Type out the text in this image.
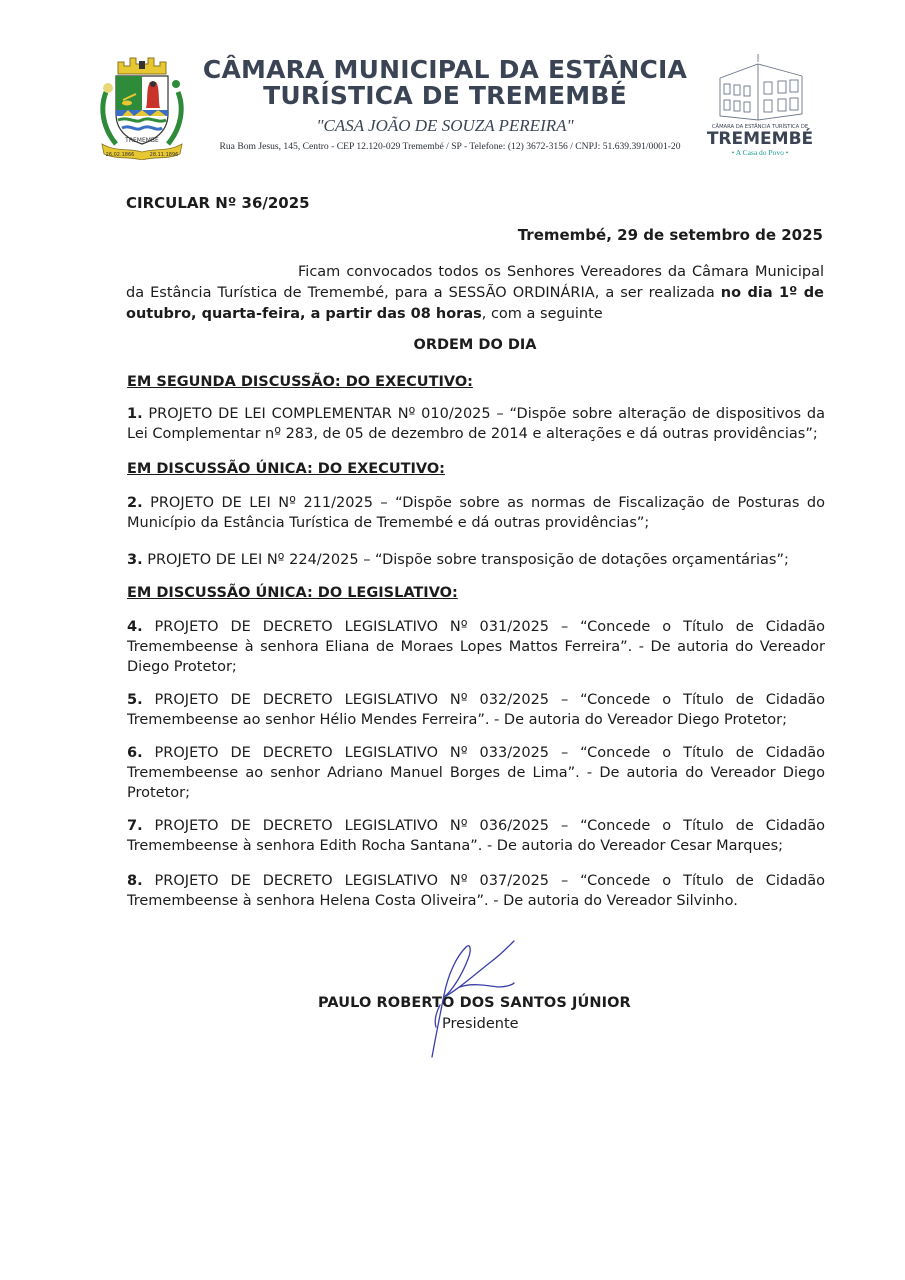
TREMEMBÉ
26.02.1866	28.11.1896
CÂMARA MUNICIPAL DA ESTÂNCIA
TURÍSTICA DE TREMEMBÉ
"CASA JOÃO DE SOUZA PEREIRA"
Rua Bom Jesus, 145, Centro - CEP 12.120-029 Tremembé / SP - Telefone: (12) 3672-3156 / CNPJ: 51.639.391/0001-20
CÂMARA DA ESTÂNCIA TURÍSTICA DE
TREMEMBÉ
• A Casa do Povo •
CIRCULAR Nº 36/2025
Tremembé, 29 de setembro de 2025
Ficam convocados todos os Senhores Vereadores da Câmara Municipal da Estância Turística de Tremembé, para a SESSÃO ORDINÁRIA, a ser realizada no dia 1º de outubro, quarta-feira, a partir das 08 horas, com a seguinte
ORDEM DO DIA
EM SEGUNDA DISCUSSÃO: DO EXECUTIVO:
1. PROJETO DE LEI COMPLEMENTAR Nº 010/2025 – “Dispõe sobre alteração de dispositivos da Lei Complementar nº 283, de 05 de dezembro de 2014 e alterações e dá outras providências”;
EM DISCUSSÃO ÚNICA: DO EXECUTIVO:
2. PROJETO DE LEI Nº 211/2025 – “Dispõe sobre as normas de Fiscalização de Posturas do Município da Estância Turística de Tremembé e dá outras providências”;
3. PROJETO DE LEI Nº 224/2025 – “Dispõe sobre transposição de dotações orçamentárias”;
EM DISCUSSÃO ÚNICA: DO LEGISLATIVO:
4. PROJETO DE DECRETO LEGISLATIVO Nº 031/2025 – “Concede o Título de Cidadão Tremembeense à senhora Eliana de Moraes Lopes Mattos Ferreira”. - De autoria do Vereador Diego Protetor;
5. PROJETO DE DECRETO LEGISLATIVO Nº 032/2025 – “Concede o Título de Cidadão Tremembeense ao senhor Hélio Mendes Ferreira”. - De autoria do Vereador Diego Protetor;
6. PROJETO DE DECRETO LEGISLATIVO Nº 033/2025 – “Concede o Título de Cidadão Tremembeense ao senhor Adriano Manuel Borges de Lima”. - De autoria do Vereador Diego Protetor;
7. PROJETO DE DECRETO LEGISLATIVO Nº 036/2025 – “Concede o Título de Cidadão Tremembeense à senhora Edith Rocha Santana”. - De autoria do Vereador Cesar Marques;
8. PROJETO DE DECRETO LEGISLATIVO Nº 037/2025 – “Concede o Título de Cidadão Tremembeense à senhora Helena Costa Oliveira”. - De autoria do Vereador Silvinho.
PAULO ROBERTO DOS SANTOS JÚNIOR
Presidente
